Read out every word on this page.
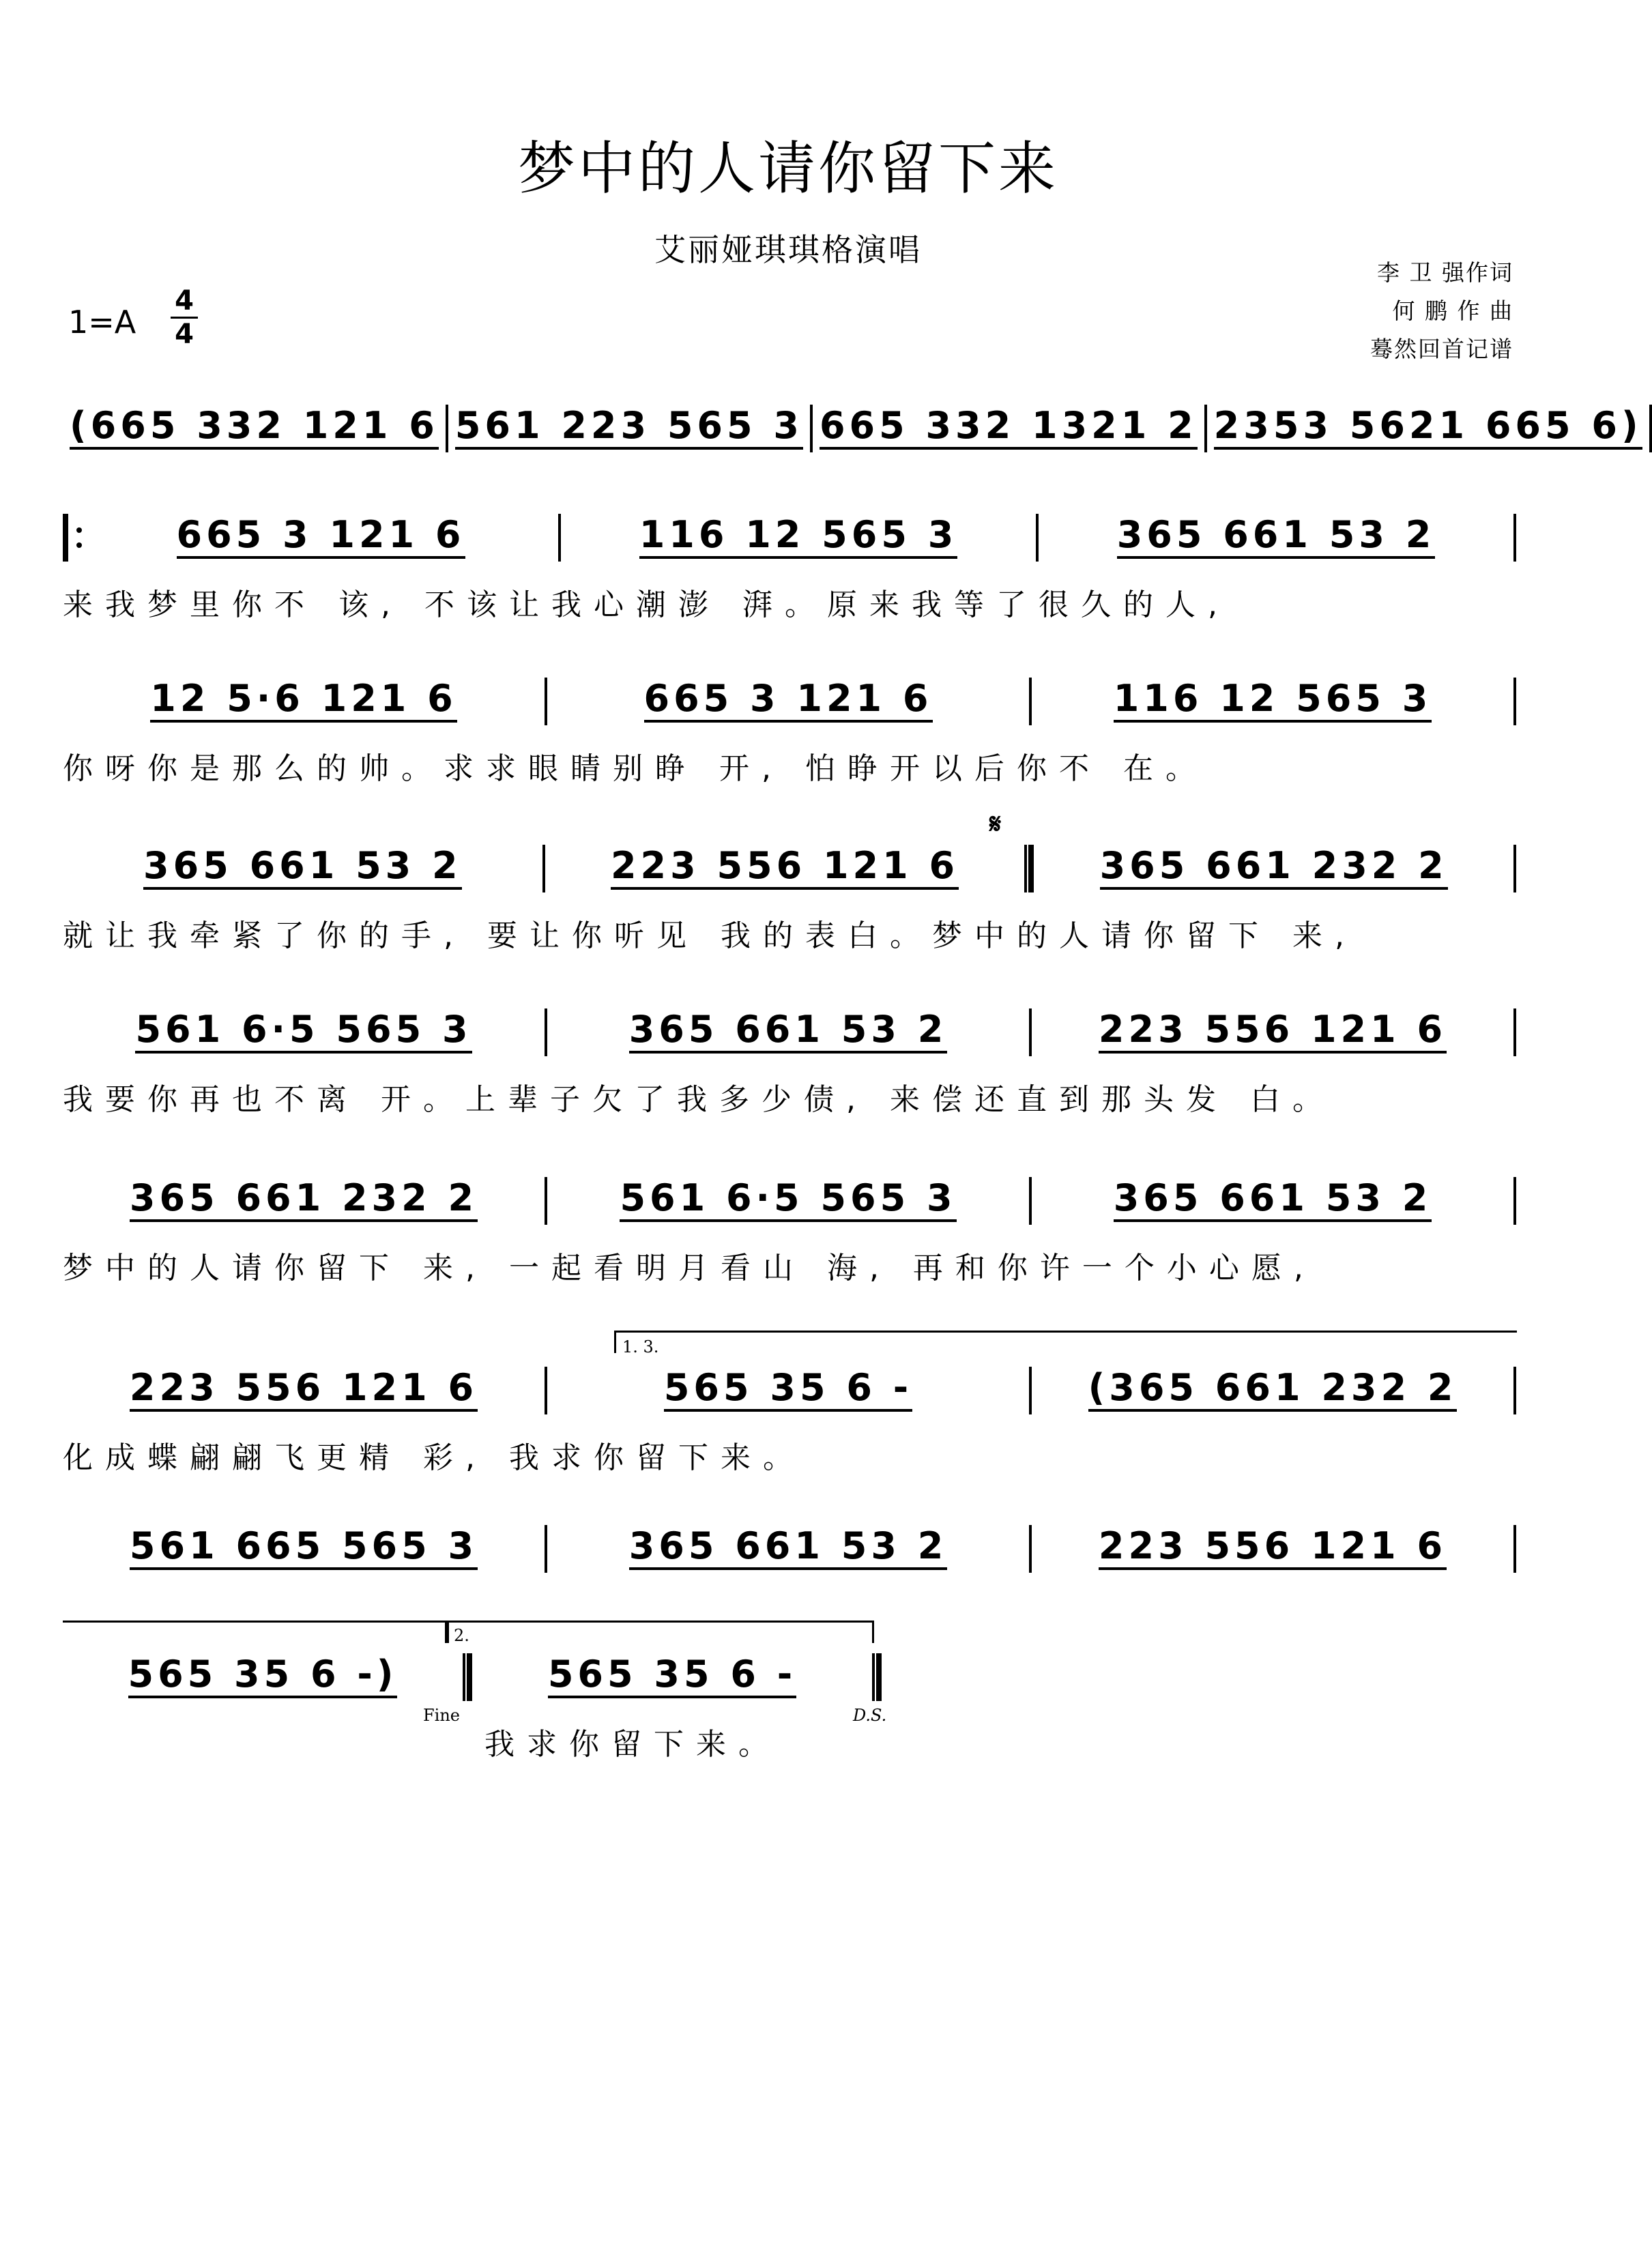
梦中的人请你留下来
艾丽娅琪琪格演唱
李 卫 强作词
何 鹏 作 曲
蓦然回首记谱
1=A
4
4
(665 332 121 6 561 223 565 3 665 332 1321 2 2353 5621 665 6)
665 3 121 6	116 12 565 3	365 661 53 2
来我梦里你不 该, 不该让我心潮澎 湃。原来我等了很久的人,
12 5·6 121 6	665 3 121 6	116 12 565 3
你呀你是那么的帅。求求眼睛别睁 开, 怕睁开以后你不 在。
𝄋
365 661 53 2	223 556 121 6	365 661 232 2
就让我牵紧了你的手, 要让你听见 我的表白。梦中的人请你留下 来,
561 6·5 565 3	365 661 53 2	223 556 121 6
我要你再也不离 开。上辈子欠了我多少债, 来偿还直到那头发 白。
365 661 232 2	561 6·5 565 3	365 661 53 2
梦中的人请你留下 来, 一起看明月看山 海, 再和你许一个小心愿,
1. 3.
223 556 121 6	565 35 6 -	(365 661 232 2
化成蝶翩翩飞更精 彩, 我求你留下来。
561 665 565 3	365 661 53 2	223 556 121 6
2.
565 35 6 -)	565 35 6 -
Fine	D.S.
我求你留下来。
